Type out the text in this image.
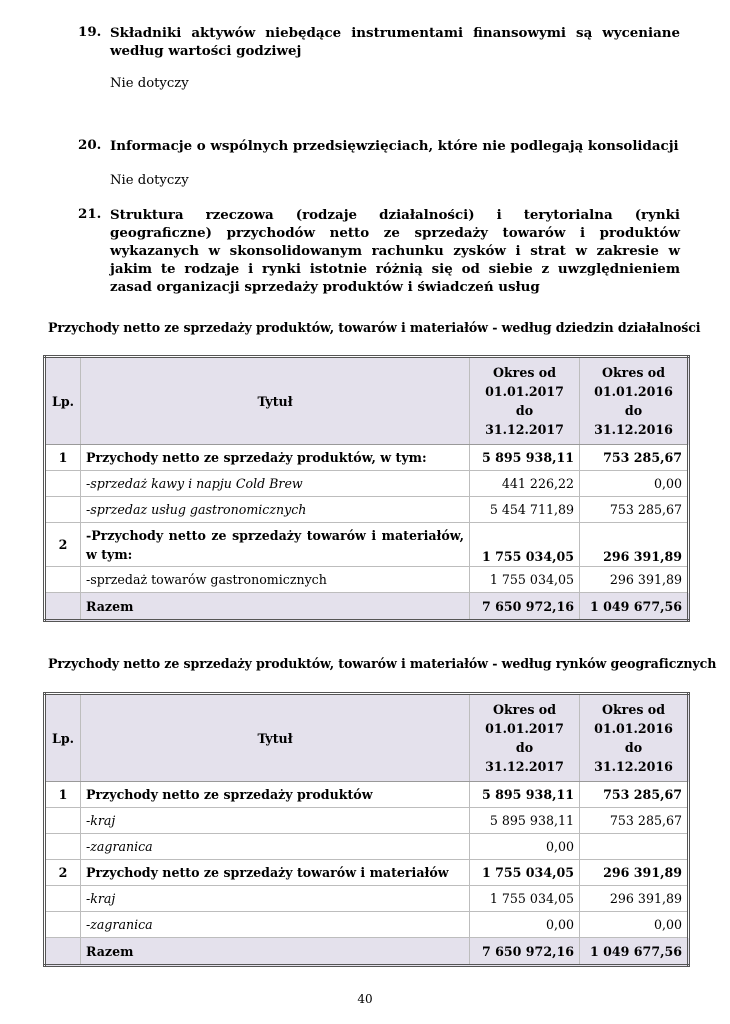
19. Składniki aktywów niebędące instrumentami finansowymi są wyceniane według wartości godziwej
Nie dotyczy
20. Informacje o wspólnych przedsięwzięciach, które nie podlegają konsolidacji
Nie dotyczy
21. Struktura rzeczowa (rodzaje działalności) i terytorialna (rynki geograficzne) przychodów netto ze sprzedaży towarów i produktów wykazanych w skonsolidowanym rachunku zysków i strat w zakresie w jakim te rodzaje i rynki istotnie różnią się od siebie z uwzględnieniem zasad organizacji sprzedaży produktów i świadczeń usług
Przychody netto ze sprzedaży produktów, towarów i materiałów - według dziedzin działalności
Lp.	Tytuł	Okres od 01.01.2017 do 31.12.2017	Okres od 01.01.2016 do 31.12.2016
1	Przychody netto ze sprzedaży produktów, w tym:	5 895 938,11	753 285,67
	-sprzedaż kawy i napju Cold Brew	441 226,22	0,00
	-sprzedaz usług gastronomicznych	5 454 711,89	753 285,67
2	-Przychody netto ze sprzedaży towarów i materiałów, w tym:	1 755 034,05	296 391,89
	-sprzedaż towarów gastronomicznych	1 755 034,05	296 391,89
	Razem	7 650 972,16	1 049 677,56
Przychody netto ze sprzedaży produktów, towarów i materiałów - według rynków geograficznych
Lp.	Tytuł	Okres od 01.01.2017 do 31.12.2017	Okres od 01.01.2016 do 31.12.2016
1	Przychody netto ze sprzedaży produktów	5 895 938,11	753 285,67
	-kraj	5 895 938,11	753 285,67
	-zagranica	0,00	
2	Przychody netto ze sprzedaży towarów i materiałów	1 755 034,05	296 391,89
	-kraj	1 755 034,05	296 391,89
	-zagranica	0,00	0,00
	Razem	7 650 972,16	1 049 677,56
40
